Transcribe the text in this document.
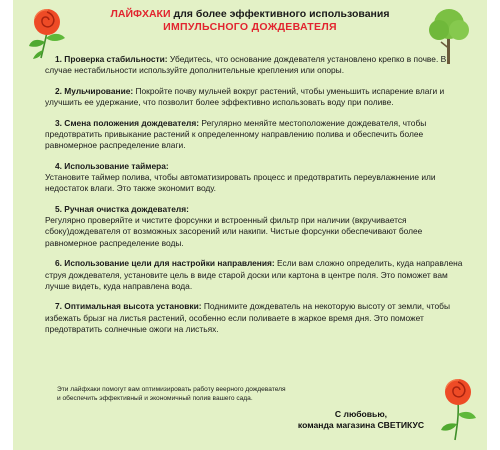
ЛАЙФХАКИ для более эффективного использования
ИМПУЛЬСНОГО ДОЖДЕВАТЕЛЯ
1. Проверка стабильности: Убедитесь, что основание дождевателя установлено крепко в почве. В случае нестабильности используйте дополнительные крепления или опоры.
2. Мульчирование: Покройте почву мульчей вокруг растений, чтобы уменьшить испарение влаги и улучшить ее удержание, что позволит более эффективно использовать воду при поливе.
3. Смена положения дождевателя: Регулярно меняйте местоположение дождевателя, чтобы предотвратить привыкание растений к определенному направлению полива и обеспечить более равномерное распределение влаги.
4. Использование таймера:
Установите таймер полива, чтобы автоматизировать процесс и предотвратить переувлажнение или недостаток влаги. Это также экономит воду.
5. Ручная очистка дождевателя:
Регулярно проверяйте и чистите форсунки и встроенный фильтр при наличии (вкручивается сбоку)дождевателя от возможных засорений или накипи. Чистые форсунки обеспечивают более равномерное распределение воды.
6. Использование цели для настройки направления: Если вам сложно определить, куда направлена струя дождевателя, установите цель в виде старой доски или картона в центре поля. Это поможет вам лучше видеть, куда направлена вода.
7. Оптимальная высота установки: Поднимите дождеватель на некоторую высоту от земли, чтобы избежать брызг на листья растений, особенно если поливаете в жаркое время дня. Это поможет предотвратить солнечные ожоги на листьях.
Эти лайфхаки помогут вам оптимизировать работу веерного дождевателя
и обеспечить эффективный и экономичный полив вашего сада.
С любовью,
команда магазина СВЕТИКУС
